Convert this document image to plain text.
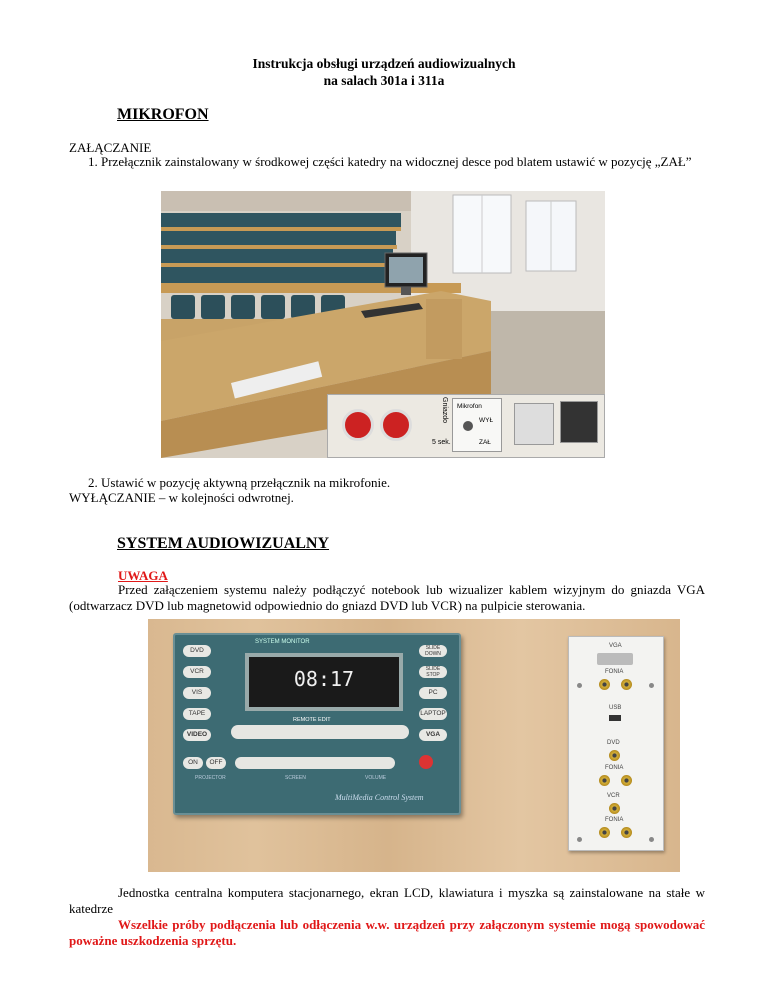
Instrukcja obsługi urządzeń audiowizualnych
na salach 301a i 311a
MIKROFON
ZAŁĄCZANIE
1. Przełącznik zainstalowany w środkowej części katedry na widocznej desce pod blatem ustawić w pozycję „ZAŁ”
Gniazdo
5 sek.
Mikrofon
WYŁ
ZAŁ
2. Ustawić w pozycję aktywną przełącznik na mikrofonie.
WYŁĄCZANIE – w kolejności odwrotnej.
SYSTEM AUDIOWIZUALNY
UWAGA
Przed załączeniem systemu należy podłączyć notebook lub wizualizer kablem wizyjnym do gniazda VGA (odtwarzacz DVD lub magnetowid odpowiednio do gniazd DVD lub VCR) na pulpicie sterowania.
SYSTEM MONITOR
DVD
VCR
VIS
TAPE
VIDEO
SLIDE DOWN
SLIDE STOP
PC
LAPTOP
VGA
08:17
REMOTE EDIT
ON	OFF
PROJECTOR	SCREEN	VOLUME
MultiMedia Control System
VGA
FONIA
USB
DVD
FONIA
VCR
FONIA
Jednostka centralna komputera stacjonarnego, ekran LCD, klawiatura i myszka są zainstalowane na stałe w katedrze
Wszelkie próby podłączenia lub odłączenia w.w. urządzeń przy załączonym systemie mogą spowodować poważne uszkodzenia sprzętu.
